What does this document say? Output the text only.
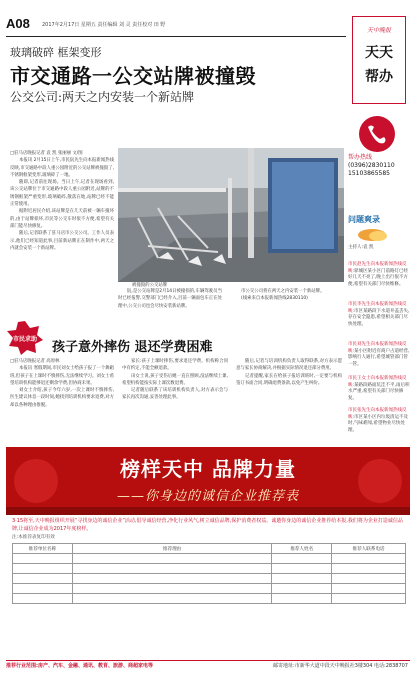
A08 2017年2月17日 星期五 责任编辑 刘 灵 责任校对 田 野
天中晚报
天天
帮办
玻璃破碎 框架变形
市交通路一公交站牌被撞毁
公交公司:两天之内安装一个新站牌
□驻马店晚报记者 袁 凯 张丽丽 文/图

本报讯 2月15日上午,市民阮先生向本报新闻热线反映,市交通路中段人重公园附近的公交站牌被撞毁了,不锈钢框架变形,玻璃碎了一地。

随即,记者前往现场。当日上午,记者在现场看到,该公交站牌位于市交通路中段人重公园附近,站牌的不锈钢框架严重变形,玻璃破碎,散落在地,站牌已经不能正常使用。

据附近居民介绍,该站牌是在几天前被一辆车撞坏的,由于站牌损坏,市民等公交车时很不方便,希望有关部门能尽快修复。

随后,记者联系了驻马店市公交公司。工作人员表示,他们已经知道此事,目前新站牌正在制作中,两天之内就会安装一个新站牌。

被撞毁的公交站牌

阮,是公交站牌是2月14日被撞损的,车辆驾驶员当时已经报警,交警部门已经介入,目前一辆面包车正在处理中,公交公司也会尽快安装新站牌。

市公交公司将在两天之内安装一个新站牌。

(线索来自本报新闻热线2830110)

帮办热线
(0396)2830110
15103865585
问题爽录
主持人:袁 凯
市民赵先生向本报新闻热线反映:驿城区某小区门前路灯已经好几天不亮了,晚上出行很不方便,希望有关部门尽快维修。
市民李先生向本报新闻热线反映:市区某路段下水道井盖丢失,存在安全隐患,希望相关部门尽快处理。
市民刘先生向本报新闻热线反映:某小区附近有商户占道经营,影响行人通行,希望城管部门管一管。
市民王女士向本报新闻热线反映:某路段路面坑洼不平,雨后积水严重,希望有关部门尽快修复。
市民张先生向本报新闻热线反映:市区某小区内垃圾清运不及时,气味难闻,希望物业尽快处理。
市民求助
孩子意外摔伤 退还学费困难
□驻马店晚报记者 高原林

本报讯 寒假期间,市民刘女士给孩子报了一个舞蹈班,但孩子在上课时不慎摔伤,无法继续学习。刘女士希望培训机构能够退还剩余学费,但协商未果。

刘女士介绍,孩子今年六岁,一次上课时不慎摔伤,医生建议休息一段时间,她找到培训机构要求退费,对方却以各种理由推脱。

家长:孩子上课时摔伤,要求退还学费。机构称合同中有约定,不能全额退款。

田女士说,孩子受伤后她一直在照顾,没法继续上课,希望机构能按实际上课次数退费。

记者随后联系了该培训机构负责人,对方表示会与家长再次沟通,妥善处理此事。

随后,记者与培训机构负责人取得联系,对方表示愿意与家长协商解决,并根据实际情况退还部分费用。

记者提醒,家长在给孩子报培训班时,一定要与机构签订书面合同,明确退费条款,以免产生纠纷。

榜样天中 品牌力量
——你身边的诚信企业推荐表
3·15将至,天中晚报组织开展“寻找身边的诚信企业”活动,倡导诚信经营,净化行业风气,树立诚信品牌,保护消费者权益。诚邀你身边的诚信企业推荐给本报,我们将为企业打造诚信品牌,让诚信企业成为2017年度榜样。
注:本推荐表复印有效
推荐单位名称	推荐理由	推荐人姓名	推荐人联系电话

推荐行业范围:房产、汽车、金融、通讯、教育、旅游、商超家电等	邮寄地址:市新华大道中段天中晚报社3楼304 电话:2838707
